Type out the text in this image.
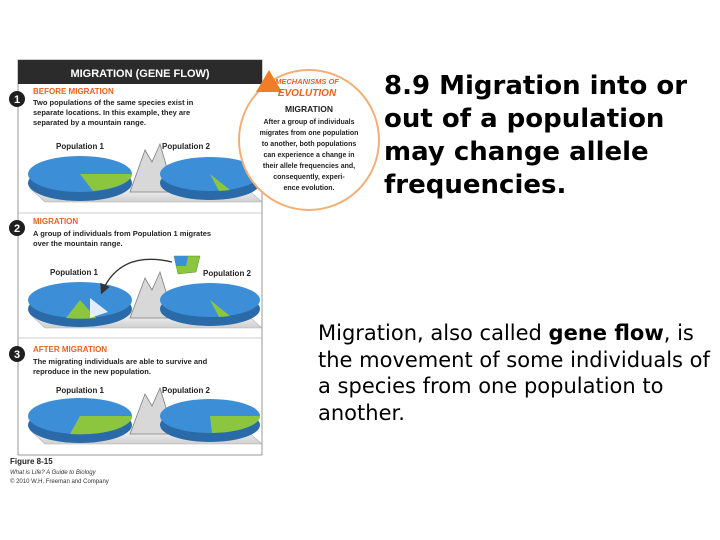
MIGRATION (GENE FLOW)
1
BEFORE MIGRATION
Two populations of the same species exist in
separate locations. In this example, they are
separated by a mountain range.
Population 1	Population 2
2
MIGRATION
A group of individuals from Population 1 migrates
over the mountain range.
Population 1	Population 2
3 AFTER MIGRATION
The migrating individuals are able to survive and
reproduce in the new population.
Population 1	Population 2
MECHANISMS OF
EVOLUTION
MIGRATION
After a group of individuals
migrates from one population
to another, both populations
can experience a change in
their allele frequencies and,
consequently, experi-
ence evolution.
Figure 8-15
What is Life? A Guide to Biology
© 2010 W.H. Freeman and Company
8.9 Migration into or out of a population may change allele frequencies.
Migration, also called gene flow, is the movement of some individuals of a species from one population to another.
